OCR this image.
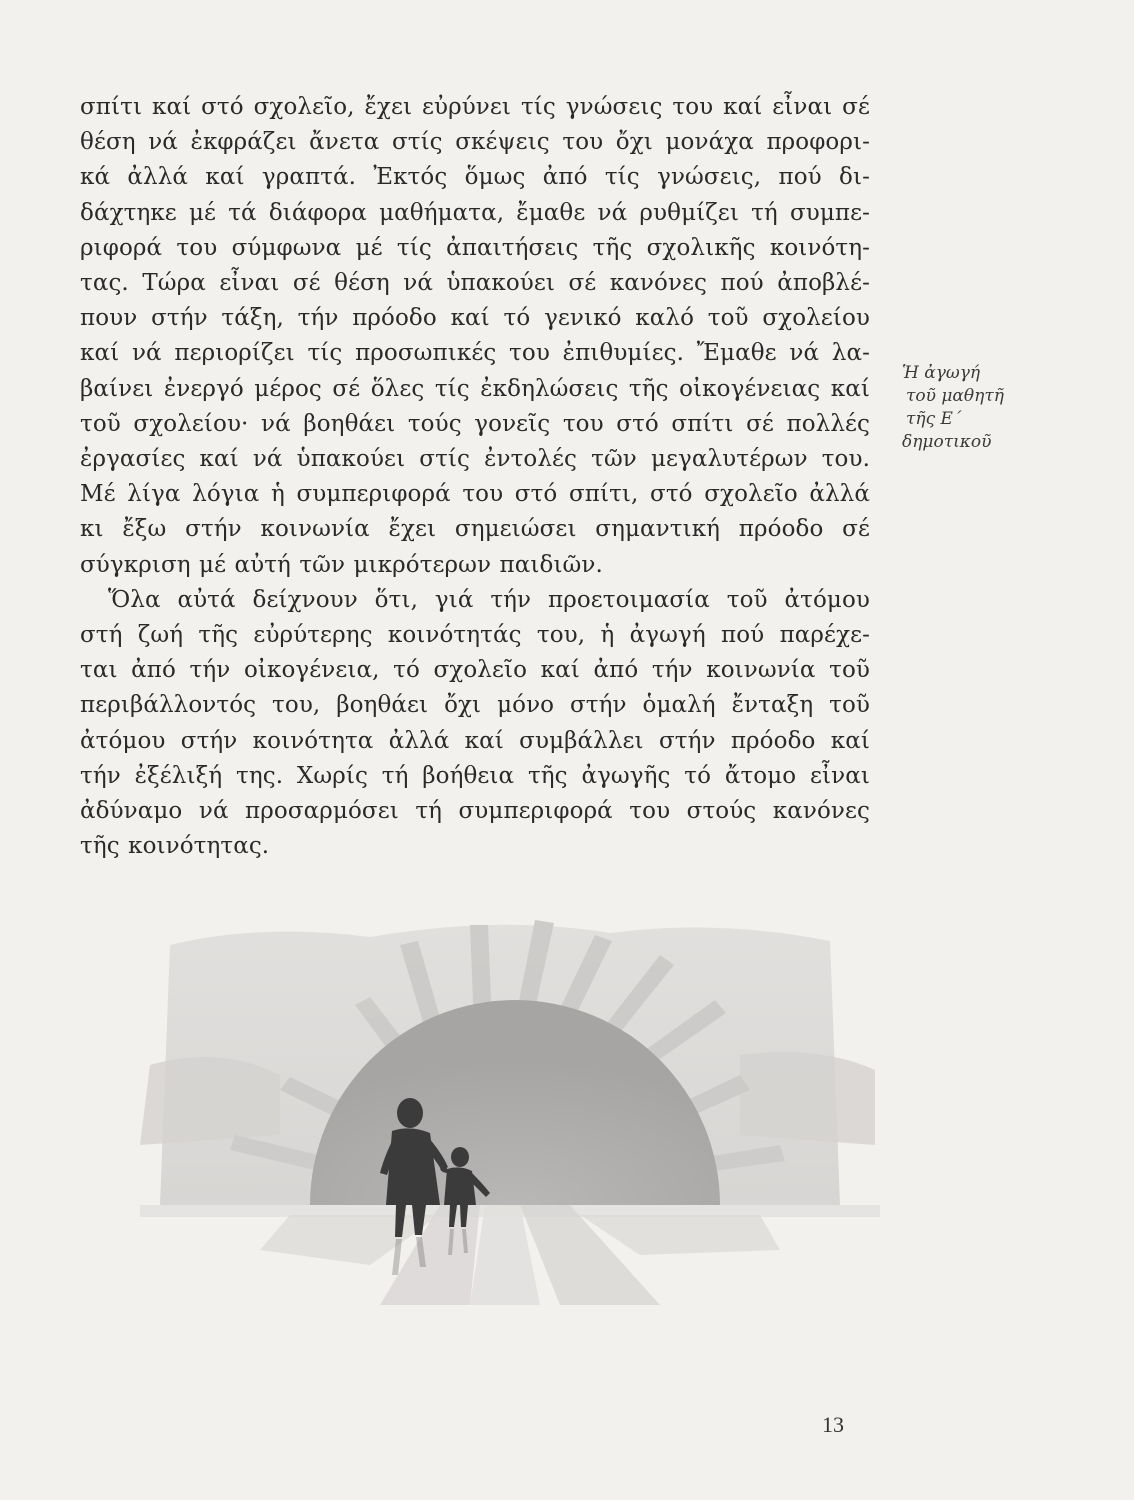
σπίτι καί στό σχολεῖο, ἔχει εὐρύνει τίς γνώσεις του καί εἶναι σέ
θέση νά ἐκφράζει ἄνετα στίς σκέψεις του ὄχι μονάχα προφορι-
κά ἀλλά καί γραπτά. Ἐκτός ὅμως ἀπό τίς γνώσεις, πού δι-
δάχτηκε μέ τά διάφορα μαθήματα, ἔμαθε νά ρυθμίζει τή συμπε-
ριφορά του σύμφωνα μέ τίς ἀπαιτήσεις τῆς σχολικῆς κοινότη-
τας. Τώρα εἶναι σέ θέση νά ὑπακούει σέ κανόνες πού ἀποβλέ-
πουν στήν τάξη, τήν πρόοδο καί τό γενικό καλό τοῦ σχολείου
καί νά περιορίζει τίς προσωπικές του ἐπιθυμίες. Ἔμαθε νά λα-
βαίνει ἐνεργό μέρος σέ ὅλες τίς ἐκδηλώσεις τῆς οἰκογένειας καί
τοῦ σχολείου· νά βοηθάει τούς γονεῖς του στό σπίτι σέ πολλές
ἐργασίες καί νά ὑπακούει στίς ἐντολές τῶν μεγαλυτέρων του.
Μέ λίγα λόγια ἡ συμπεριφορά του στό σπίτι, στό σχολεῖο ἀλλά
κι ἔξω στήν κοινωνία ἔχει σημειώσει σημαντική πρόοδο σέ
σύγκριση μέ αὐτή τῶν μικρότερων παιδιῶν.
Ὅλα αὐτά δείχνουν ὅτι, γιά τήν προετοιμασία τοῦ ἀτόμου
στή ζωή τῆς εὐρύτερης κοινότητάς του, ἡ ἀγωγή πού παρέχε-
ται ἀπό τήν οἰκογένεια, τό σχολεῖο καί ἀπό τήν κοινωνία τοῦ
περιβάλλοντός του, βοηθάει ὄχι μόνο στήν ὁμαλή ἔνταξη τοῦ
ἀτόμου στήν κοινότητα ἀλλά καί συμβάλλει στήν πρόοδο καί
τήν ἐξέλιξή της. Χωρίς τή βοήθεια τῆς ἀγωγῆς τό ἄτομο εἶναι
ἀδύναμο νά προσαρμόσει τή συμπεριφορά του στούς κανόνες
τῆς κοινότητας.
Ἡ ἀγωγή
τοῦ μαθητῆ
τῆς Ε΄
δημοτικοῦ
13
